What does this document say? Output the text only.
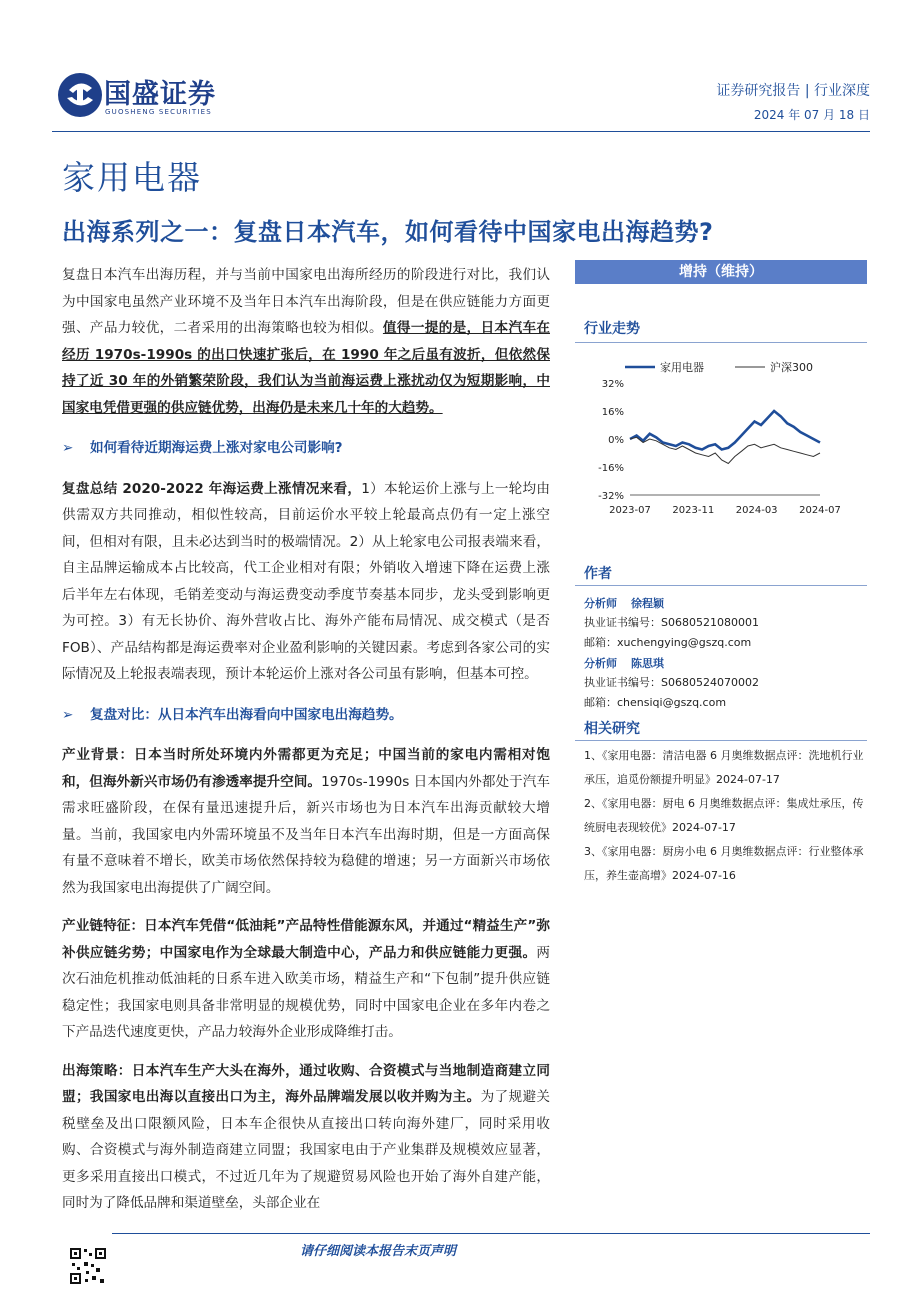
国盛证券
GUOSHENG SECURITIES
证券研究报告 | 行业深度
2024 年 07 月 18 日
家用电器
出海系列之一：复盘日本汽车，如何看待中国家电出海趋势?

复盘日本汽车出海历程，并与当前中国家电出海所经历的阶段进行对比，我们认为中国家电虽然产业环境不及当年日本汽车出海阶段，但是在供应链能力方面更强、产品力较优，二者采用的出海策略也较为相似。值得一提的是，日本汽车在经历 1970s-1990s 的出口快速扩张后，在 1990 年之后虽有波折，但依然保持了近 30 年的外销繁荣阶段，我们认为当前海运费上涨扰动仅为短期影响，中国家电凭借更强的供应链优势，出海仍是未来几十年的大趋势。

➢ 如何看待近期海运费上涨对家电公司影响?

复盘总结 2020-2022 年海运费上涨情况来看，1）本轮运价上涨与上一轮均由供需双方共同推动，相似性较高，目前运价水平较上轮最高点仍有一定上涨空间，但相对有限，且未必达到当时的极端情况。2）从上轮家电公司报表端来看，自主品牌运输成本占比较高，代工企业相对有限；外销收入增速下降在运费上涨后半年左右体现，毛销差变动与海运费变动季度节奏基本同步，龙头受到影响更为可控。3）有无长协价、海外营收占比、海外产能布局情况、成交模式（是否 FOB）、产品结构都是海运费率对企业盈利影响的关键因素。考虑到各家公司的实际情况及上轮报表端表现，预计本轮运价上涨对各公司虽有影响，但基本可控。

➢ 复盘对比：从日本汽车出海看向中国家电出海趋势。

产业背景：日本当时所处环境内外需都更为充足；中国当前的家电内需相对饱和，但海外新兴市场仍有渗透率提升空间。1970s-1990s 日本国内外都处于汽车需求旺盛阶段，在保有量迅速提升后，新兴市场也为日本汽车出海贡献较大增量。当前，我国家电内外需环境虽不及当年日本汽车出海时期，但是一方面高保有量不意味着不增长，欧美市场依然保持较为稳健的增速；另一方面新兴市场依然为我国家电出海提供了广阔空间。

产业链特征：日本汽车凭借“低油耗”产品特性借能源东风，并通过“精益生产”弥补供应链劣势；中国家电作为全球最大制造中心，产品力和供应链能力更强。两次石油危机推动低油耗的日系车进入欧美市场，精益生产和“下包制”提升供应链稳定性；我国家电则具备非常明显的规模优势，同时中国家电企业在多年内卷之下产品迭代速度更快，产品力较海外企业形成降维打击。

出海策略：日本汽车生产大头在海外，通过收购、合资模式与当地制造商建立同盟；我国家电出海以直接出口为主，海外品牌端发展以收并购为主。为了规避关税壁垒及出口限额风险，日本车企很快从直接出口转向海外建厂，同时采用收购、合资模式与海外制造商建立同盟；我国家电由于产业集群及规模效应显著，更多采用直接出口模式，不过近几年为了规避贸易风险也开始了海外自建产能，同时为了降低品牌和渠道壁垒，头部企业在

增持（维持）
行业走势
32%
16%
0%
-16%
-32%
2023-07 2023-11 2024-03 2024-07
家用电器	沪深300
作者
分析师 徐程颖
执业证书编号：S0680521080001
邮箱：xuchengying@gszq.com
分析师 陈思琪
执业证书编号：S0680524070002
邮箱：chensiqi@gszq.com
相关研究
1、《家用电器：清洁电器 6 月奥维数据点评：洗地机行业承压，追觅份额提升明显》2024-07-17
2、《家用电器：厨电 6 月奥维数据点评：集成灶承压，传统厨电表现较优》2024-07-17
3、《家用电器：厨房小电 6 月奥维数据点评：行业整体承压，养生壶高增》2024-07-16
请仔细阅读本报告末页声明
